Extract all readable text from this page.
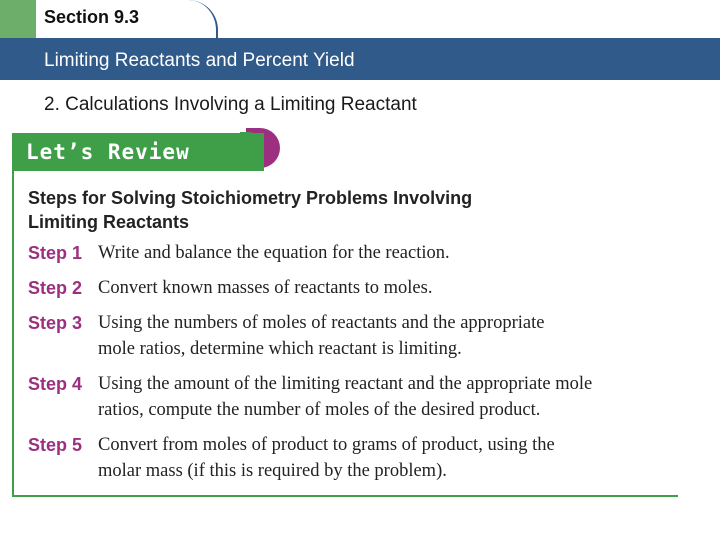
Section 9.3
Limiting Reactants and Percent Yield
2. Calculations Involving a Limiting Reactant
Let’s Review
Steps for Solving Stoichiometry Problems Involving
Limiting Reactants
Step 1 Write and balance the equation for the reaction.
Step 2 Convert known masses of reactants to moles.
Step 3 Using the numbers of moles of reactants and the appropriate
mole ratios, determine which reactant is limiting.
Step 4 Using the amount of the limiting reactant and the appropriate mole
ratios, compute the number of moles of the desired product.
Step 5 Convert from moles of product to grams of product, using the
molar mass (if this is required by the problem).
